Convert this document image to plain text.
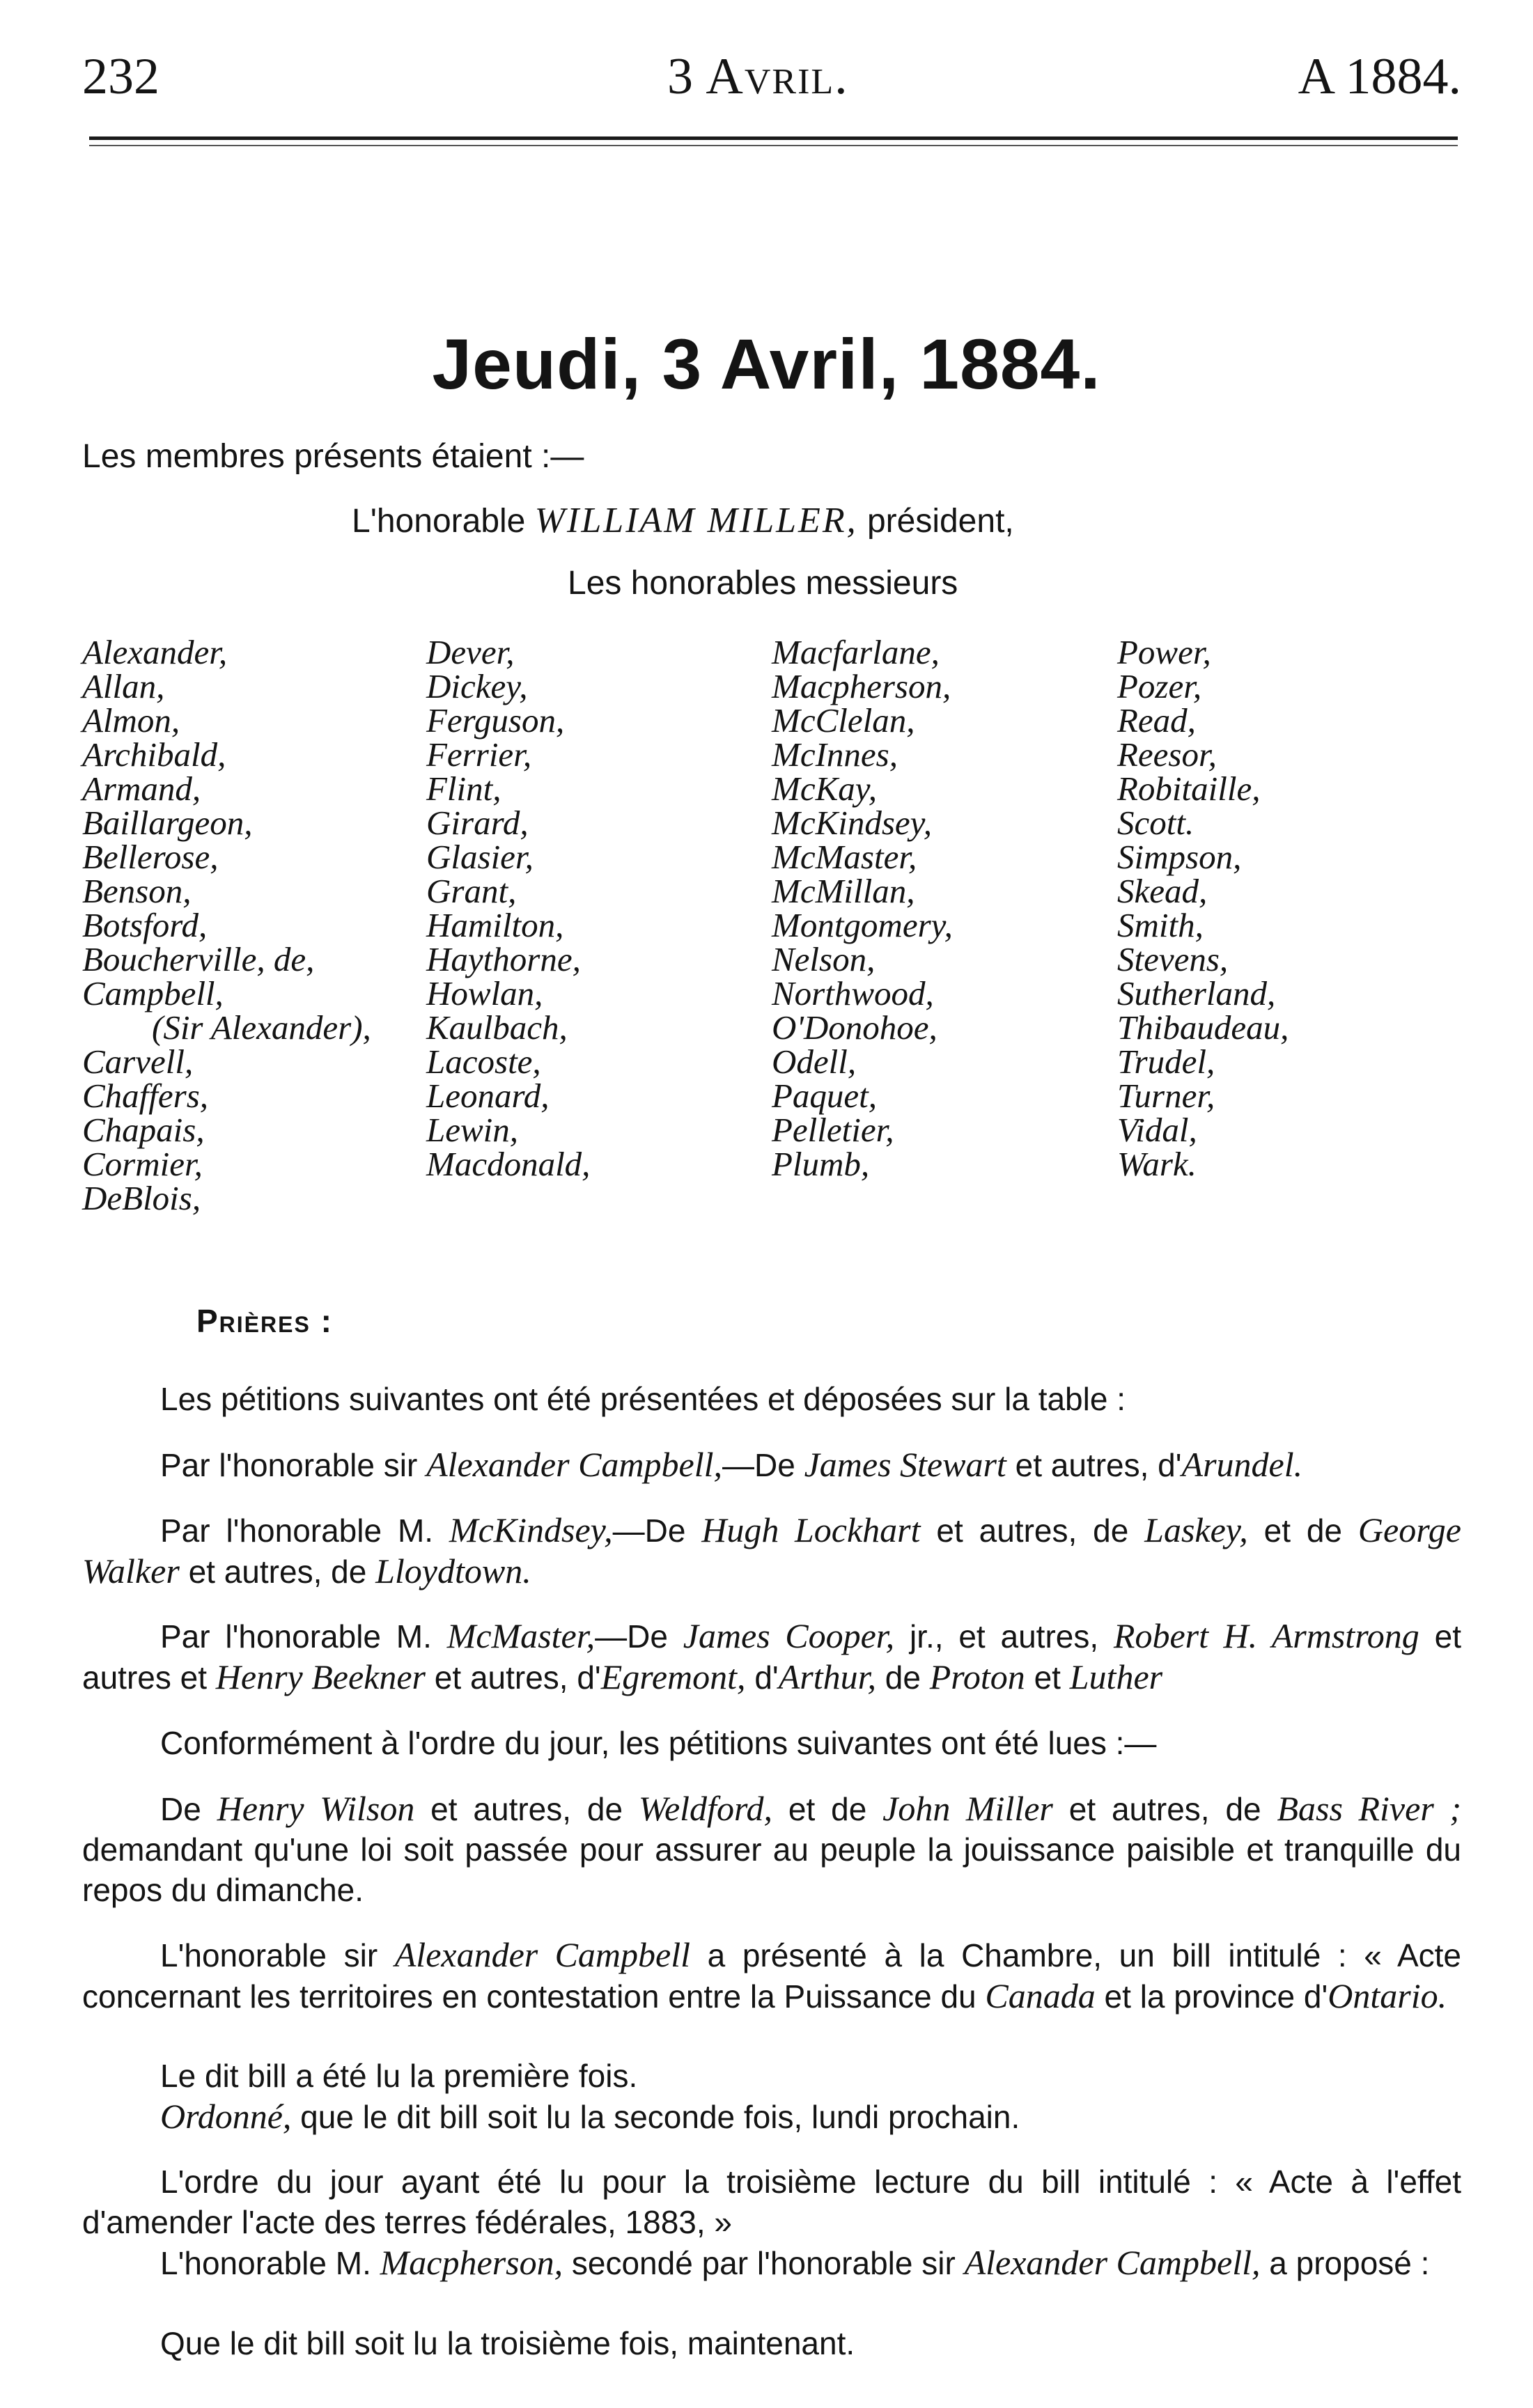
232	3 Avril.	A 1884.
Jeudi, 3 Avril, 1884.
Les membres présents étaient :—
L'honorable WILLIAM MILLER, président,
Les honorables messieurs
Alexander,
Allan,
Almon,
Archibald,
Armand,
Baillargeon,
Bellerose,
Benson,
Botsford,
Boucherville, de,
Campbell,
(Sir Alexander),
Carvell,
Chaffers,
Chapais,
Cormier,
DeBlois,
Dever,
Dickey,
Ferguson,
Ferrier,
Flint,
Girard,
Glasier,
Grant,
Hamilton,
Haythorne,
Howlan,
Kaulbach,
Lacoste,
Leonard,
Lewin,
Macdonald,
Macfarlane,
Macpherson,
McClelan,
McInnes,
McKay,
McKindsey,
McMaster,
McMillan,
Montgomery,
Nelson,
Northwood,
O'Donohoe,
Odell,
Paquet,
Pelletier,
Plumb,
Power,
Pozer,
Read,
Reesor,
Robitaille,
Scott.
Simpson,
Skead,
Smith,
Stevens,
Sutherland,
Thibaudeau,
Trudel,
Turner,
Vidal,
Wark.
Prières :
Les pétitions suivantes ont été présentées et déposées sur la table :
Par l'honorable sir Alexander Campbell,—De James Stewart et autres, d'Arundel.
Par l'honorable M. McKindsey,—De Hugh Lockhart et autres, de Laskey, et de George Walker et autres, de Lloydtown.
Par l'honorable M. McMaster,—De James Cooper, jr., et autres, Robert H. Armstrong et autres et Henry Beekner et autres, d'Egremont, d'Arthur, de Proton et Luther
Conformément à l'ordre du jour, les pétitions suivantes ont été lues :—
De Henry Wilson et autres, de Weldford, et de John Miller et autres, de Bass River ; demandant qu'une loi soit passée pour assurer au peuple la jouissance paisible et tranquille du repos du dimanche.
L'honorable sir Alexander Campbell a présenté à la Chambre, un bill intitulé : « Acte concernant les territoires en contestation entre la Puissance du Canada et la province d'Ontario.
Le dit bill a été lu la première fois.
Ordonné, que le dit bill soit lu la seconde fois, lundi prochain.
L'ordre du jour ayant été lu pour la troisième lecture du bill intitulé : « Acte à l'effet d'amender l'acte des terres fédérales, 1883, »
L'honorable M. Macpherson, secondé par l'honorable sir Alexander Campbell, a proposé :
Que le dit bill soit lu la troisième fois, maintenant.
